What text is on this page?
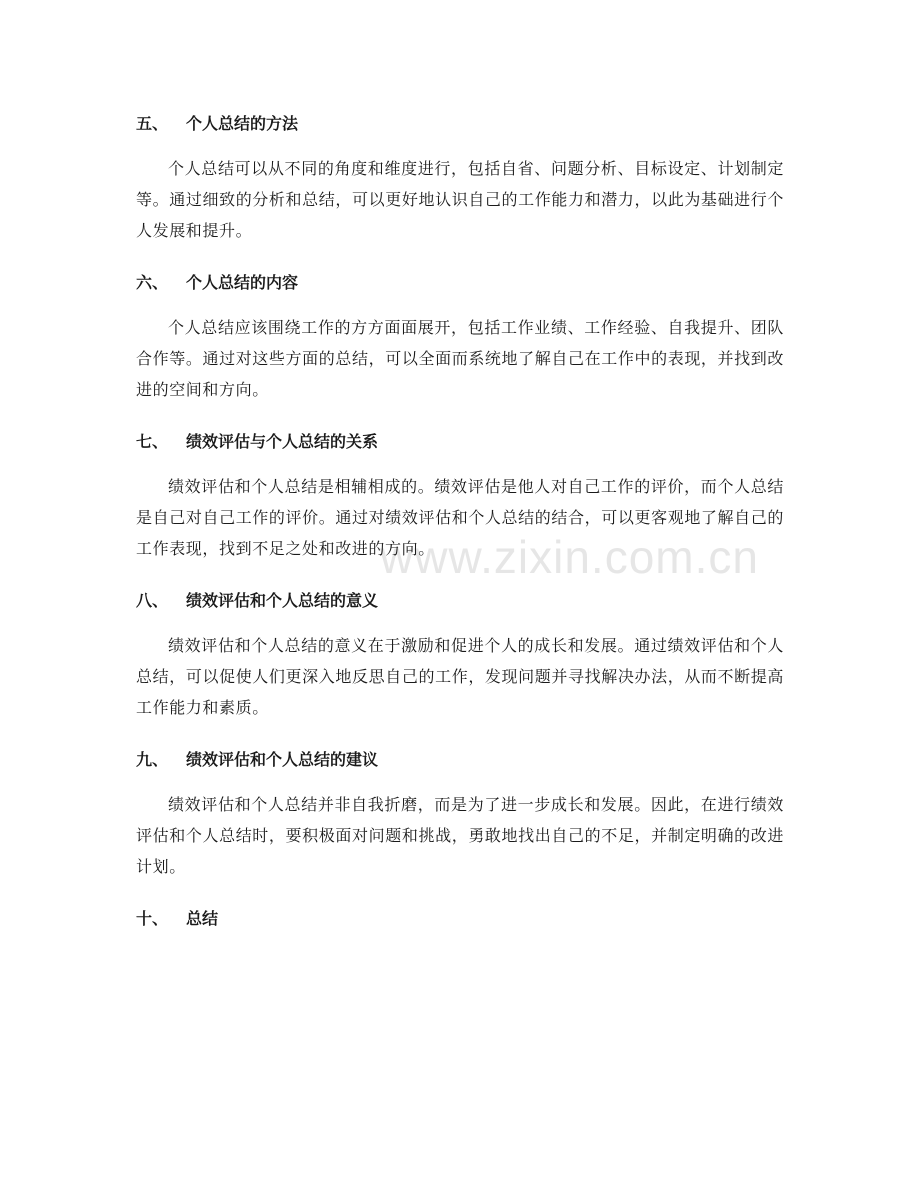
www.zixin.com.cn
五、 个人总结的方法

个人总结可以从不同的角度和维度进行，包括自省、问题分析、目标设定、计划制定等。通过细致的分析和总结，可以更好地认识自己的工作能力和潜力，以此为基础进行个人发展和提升。

六、 个人总结的内容

个人总结应该围绕工作的方方面面展开，包括工作业绩、工作经验、自我提升、团队合作等。通过对这些方面的总结，可以全面而系统地了解自己在工作中的表现，并找到改进的空间和方向。

七、 绩效评估与个人总结的关系

绩效评估和个人总结是相辅相成的。绩效评估是他人对自己工作的评价，而个人总结是自己对自己工作的评价。通过对绩效评估和个人总结的结合，可以更客观地了解自己的工作表现，找到不足之处和改进的方向。

八、 绩效评估和个人总结的意义

绩效评估和个人总结的意义在于激励和促进个人的成长和发展。通过绩效评估和个人总结，可以促使人们更深入地反思自己的工作，发现问题并寻找解决办法，从而不断提高工作能力和素质。

九、 绩效评估和个人总结的建议

绩效评估和个人总结并非自我折磨，而是为了进一步成长和发展。因此，在进行绩效评估和个人总结时，要积极面对问题和挑战，勇敢地找出自己的不足，并制定明确的改进计划。

十、 总结
